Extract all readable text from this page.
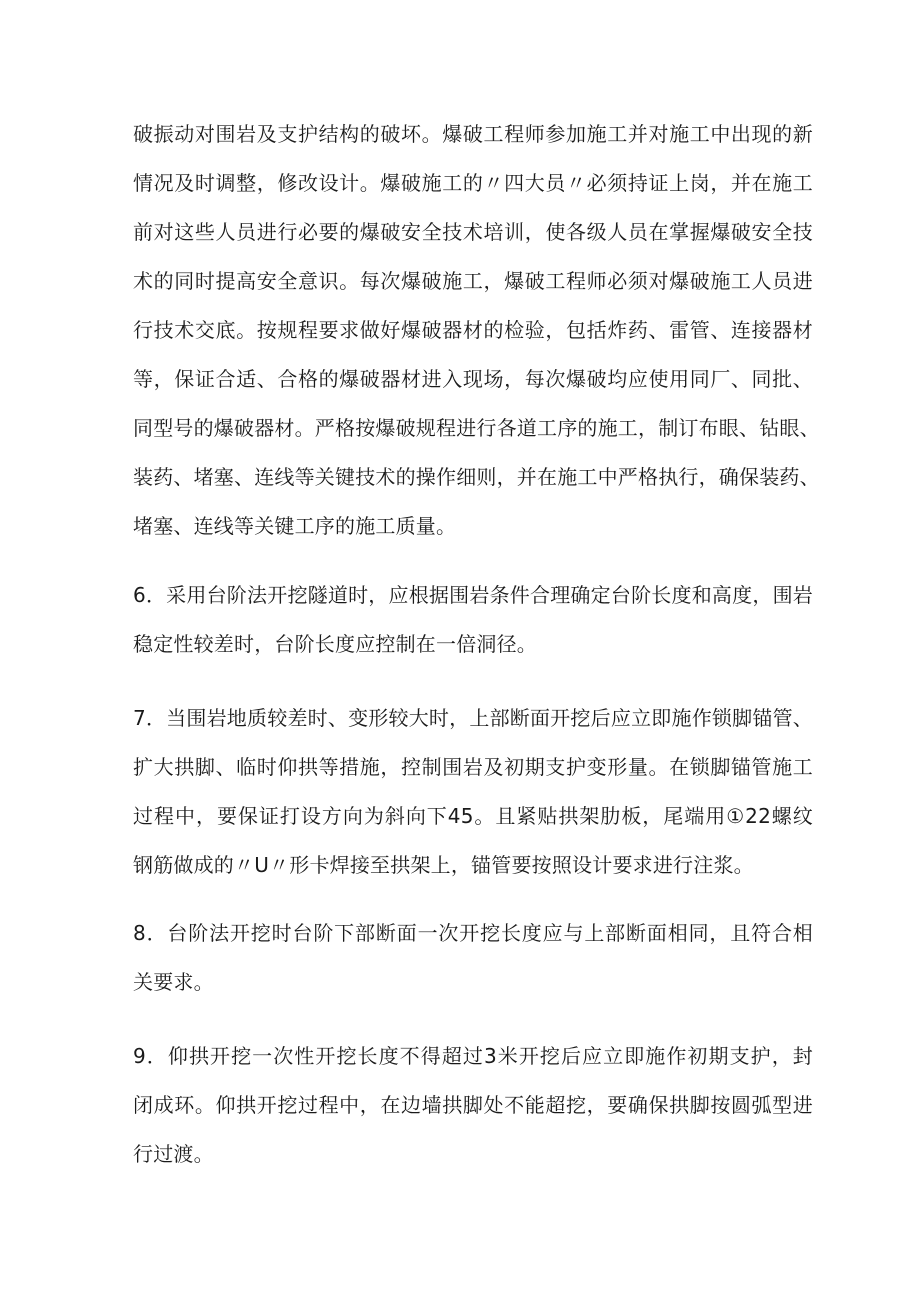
破振动对围岩及支护结构的破坏。爆破工程师参加施工并对施工中出现的新
情况及时调整，修改设计。爆破施工的〃四大员〃必须持证上岗，并在施工
前对这些人员进行必要的爆破安全技术培训，使各级人员在掌握爆破安全技
术的同时提高安全意识。每次爆破施工，爆破工程师必须对爆破施工人员进
行技术交底。按规程要求做好爆破器材的检验，包括炸药、雷管、连接器材
等，保证合适、合格的爆破器材进入现场，每次爆破均应使用同厂、同批、
同型号的爆破器材。严格按爆破规程进行各道工序的施工，制订布眼、钻眼、
装药、堵塞、连线等关键技术的操作细则，并在施工中严格执行，确保装药、
堵塞、连线等关键工序的施工质量。
6．采用台阶法开挖隧道时，应根据围岩条件合理确定台阶长度和高度，围岩
稳定性较差时，台阶长度应控制在一倍洞径。
7．当围岩地质较差时、变形较大时，上部断面开挖后应立即施作锁脚锚管、
扩大拱脚、临时仰拱等措施，控制围岩及初期支护变形量。在锁脚锚管施工
过程中，要保证打设方向为斜向下45。且紧贴拱架肋板，尾端用①22螺纹
钢筋做成的〃U〃形卡焊接至拱架上，锚管要按照设计要求进行注浆。
8．台阶法开挖时台阶下部断面一次开挖长度应与上部断面相同，且符合相
关要求。
9．仰拱开挖一次性开挖长度不得超过3米开挖后应立即施作初期支护，封
闭成环。仰拱开挖过程中，在边墙拱脚处不能超挖，要确保拱脚按圆弧型进
行过渡。
